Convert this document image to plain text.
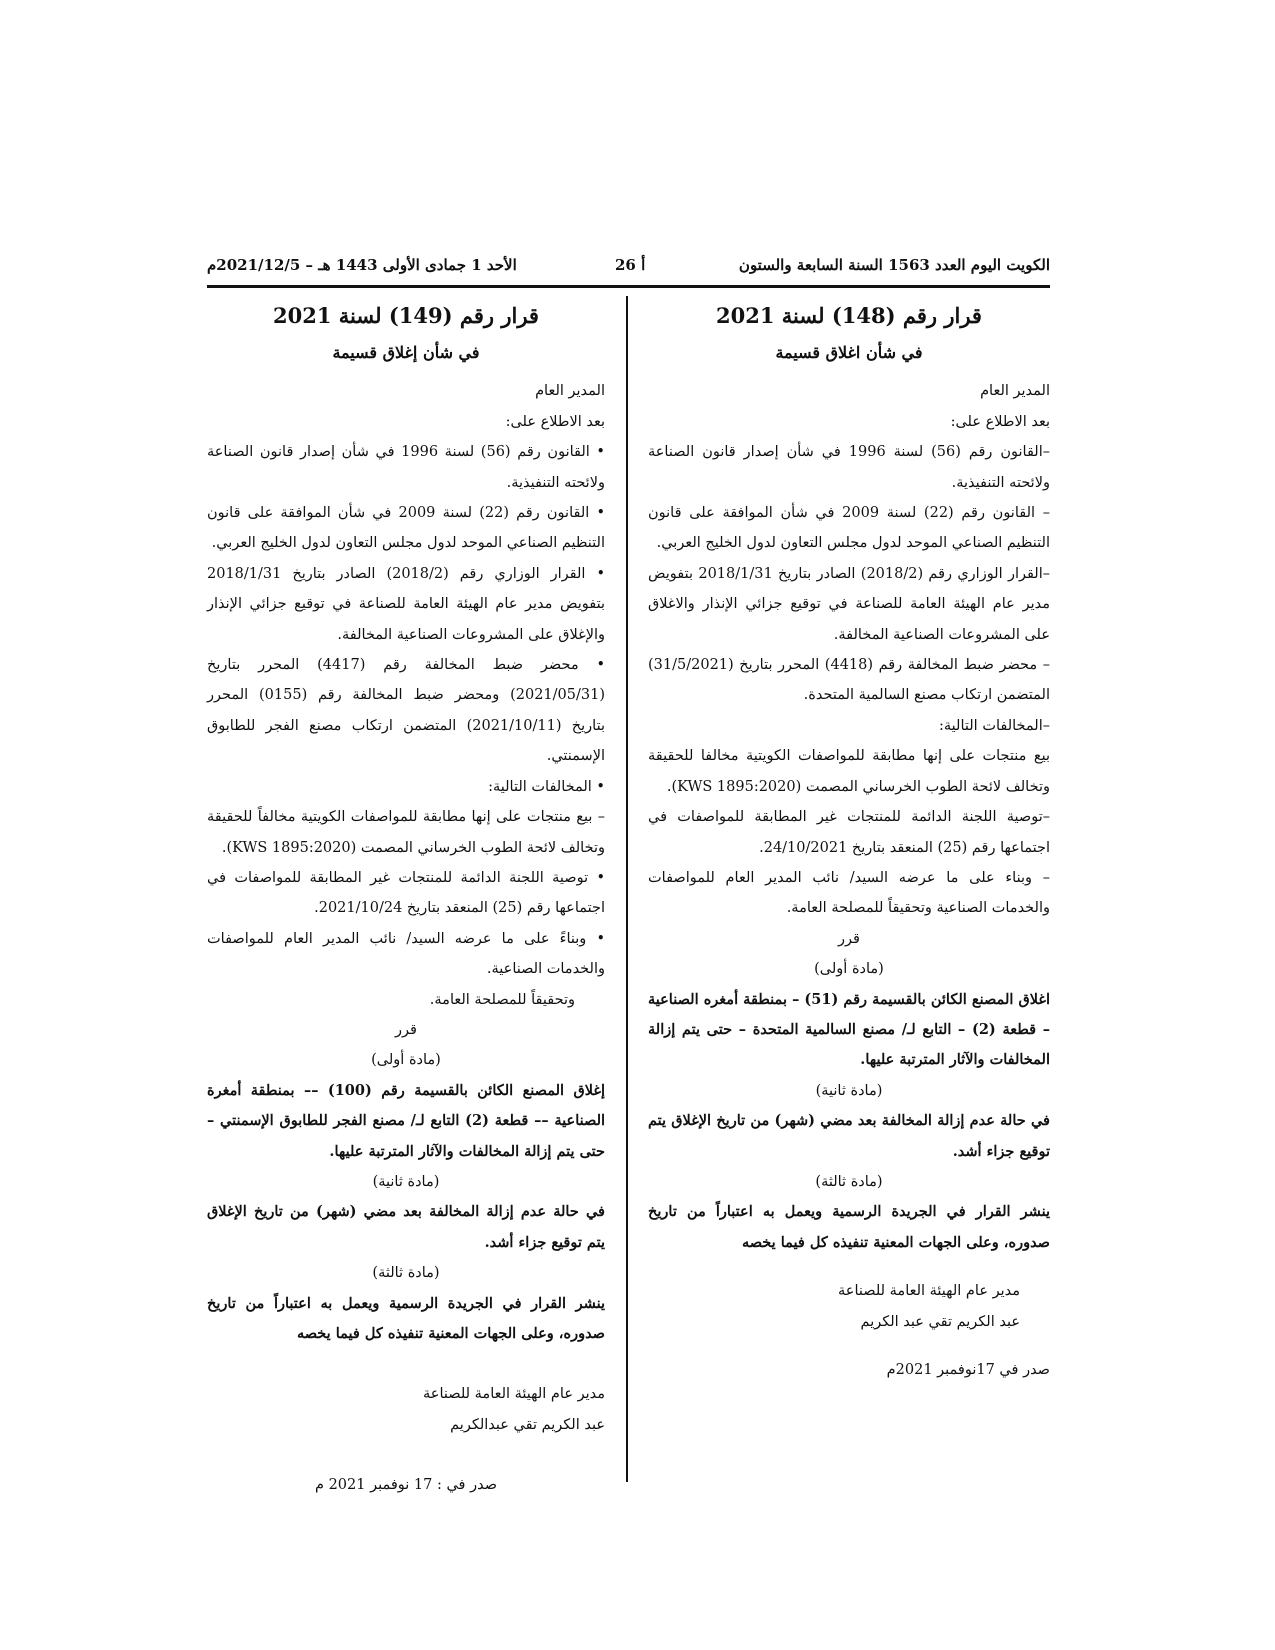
الكويت اليوم العدد 1563 السنة السابعة والستون
أ 26
الأحد 1 جمادى الأولى 1443 هـ – 2021/12/5م

قرار رقم (148) لسنة 2021

في شأن اغلاق قسيمة

المدير العام

بعد الاطلاع على:

–القانون رقم (56) لسنة 1996 في شأن إصدار قانون الصناعة ولائحته التنفيذية.

– القانون رقم (22) لسنة 2009 في شأن الموافقة على قانون التنظيم الصناعي الموحد لدول مجلس التعاون لدول الخليج العربي.

–القرار الوزاري رقم (2018/2) الصادر بتاريخ 2018/1/31 بتفويض مدير عام الهيئة العامة للصناعة في توقيع جزائي الإنذار والاغلاق على المشروعات الصناعية المخالفة.

– محضر ضبط المخالفة رقم (4418) المحرر بتاريخ (31/5/2021) المتضمن ارتكاب مصنع السالمية المتحدة.

–المخالفات التالية:

بيع منتجات على إنها مطابقة للمواصفات الكويتية مخالفا للحقيقة وتخالف لائحة الطوب الخرساني المصمت (KWS 1895:2020).

–توصية اللجنة الدائمة للمنتجات غير المطابقة للمواصفات في اجتماعها رقم (25) المنعقد بتاريخ 24/10/2021.

– وبناء على ما عرضه السيد/ نائب المدير العام للمواصفات والخدمات الصناعية وتحقيقاً للمصلحة العامة.

قرر

(مادة أولى)

اغلاق المصنع الكائن بالقسيمة رقم (51) – بمنطقة أمغره الصناعية – قطعة (2) – التابع لـ/ مصنع السالمية المتحدة – حتى يتم إزالة المخالفات والآثار المترتبة عليها.

(مادة ثانية)

في حالة عدم إزالة المخالفة بعد مضي (شهر) من تاريخ الإغلاق يتم توقيع جزاء أشد.

(مادة ثالثة)

ينشر القرار في الجريدة الرسمية ويعمل به اعتباراً من تاريخ صدوره، وعلى الجهات المعنية تنفيذه كل فيما يخصه

مدير عام الهيئة العامة للصناعة

عبد الكريم تقي عبد الكريم

صدر في 17نوفمبر 2021م

قرار رقم (149) لسنة 2021

في شأن إغلاق قسيمة

المدير العام

بعد الاطلاع على:

• القانون رقم (56) لسنة 1996 في شأن إصدار قانون الصناعة ولائحته التنفيذية.

• القانون رقم (22) لسنة 2009 في شأن الموافقة على قانون التنظيم الصناعي الموحد لدول مجلس التعاون لدول الخليج العربي.

• القرار الوزاري رقم (2018/2) الصادر بتاريخ 2018/1/31 بتفويض مدير عام الهيئة العامة للصناعة في توقيع جزائي الإنذار والإغلاق على المشروعات الصناعية المخالفة.

• محضر ضبط المخالفة رقم (4417) المحرر بتاريخ (2021/05/31) ومحضر ضبط المخالفة رقم (0155) المحرر بتاريخ (2021/10/11) المتضمن ارتكاب مصنع الفجر للطابوق الإسمنتي.

• المخالفات التالية:

– بيع منتجات على إنها مطابقة للمواصفات الكويتية مخالفاً للحقيقة وتخالف لائحة الطوب الخرساني المصمت (KWS 1895:2020).

• توصية اللجنة الدائمة للمنتجات غير المطابقة للمواصفات في اجتماعها رقم (25) المنعقد بتاريخ 2021/10/24.

• وبناءً على ما عرضه السيد/ نائب المدير العام للمواصفات والخدمات الصناعية.

وتحقيقاً للمصلحة العامة.

قرر

(مادة أولى)

إغلاق المصنع الكائن بالقسيمة رقم (100) –– بمنطقة أمغرة الصناعية –– قطعة (2) التابع لـ/ مصنع الفجر للطابوق الإسمنتي – حتى يتم إزالة المخالفات والآثار المترتبة عليها.

(مادة ثانية)

في حالة عدم إزالة المخالفة بعد مضي (شهر) من تاريخ الإغلاق يتم توقيع جزاء أشد.

(مادة ثالثة)

ينشر القرار في الجريدة الرسمية ويعمل به اعتباراً من تاريخ صدوره، وعلى الجهات المعنية تنفيذه كل فيما يخصه

مدير عام الهيئة العامة للصناعة

عبد الكريم تقي عبدالكريم

صدر في : 17 نوفمبر 2021 م
